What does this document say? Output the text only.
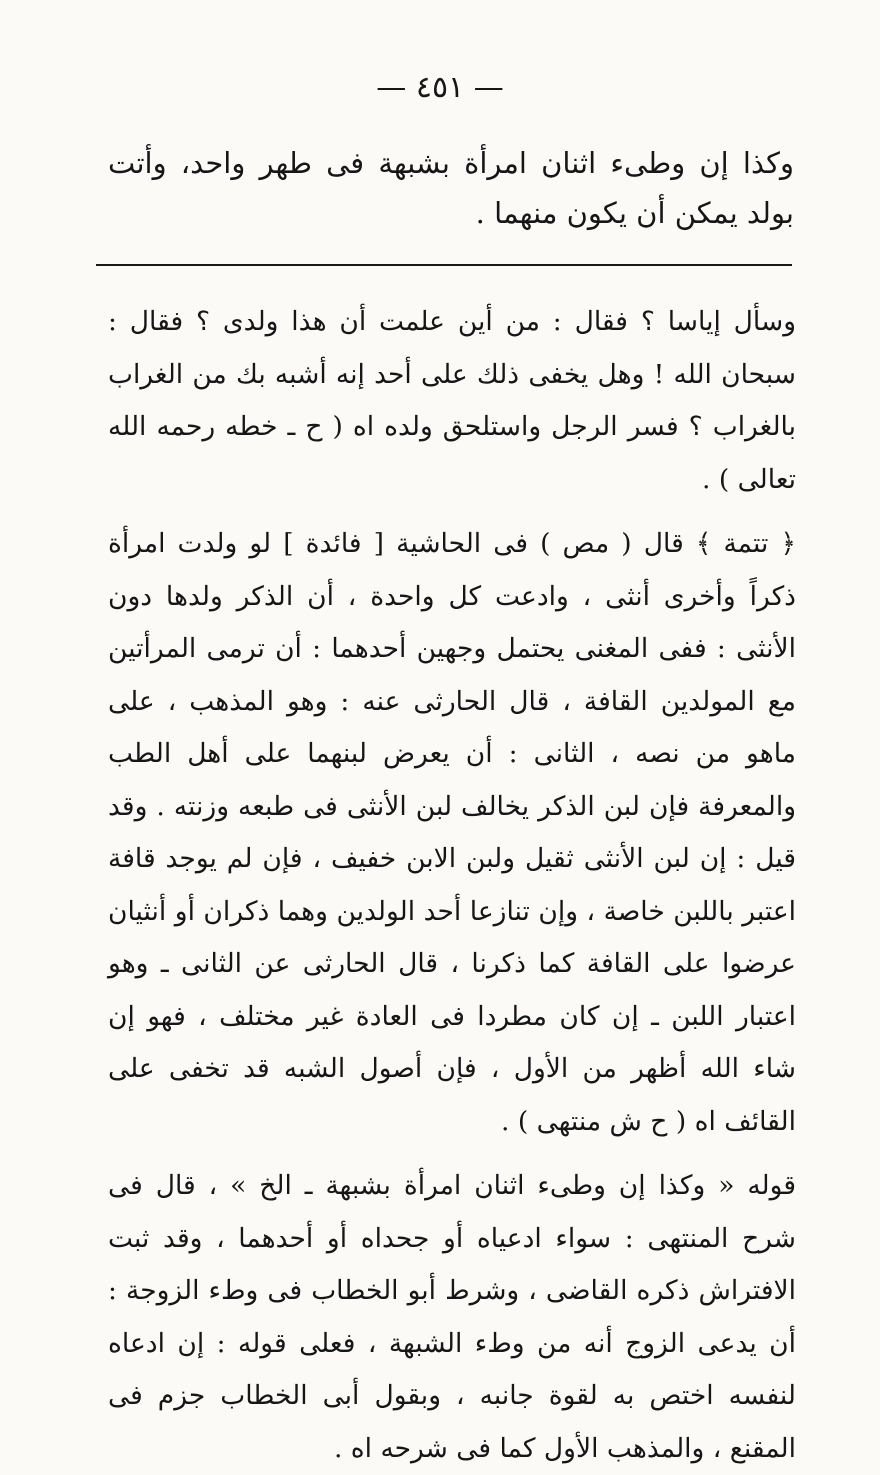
— ٤٥١ —

وكذا إن وطىء اثنان امرأة بشبهة فى طهر واحد، وأتت بولد يمكن أن يكون منهما .

وسأل إياسا ؟ فقال : من أين علمت أن هذا ولدى ؟ فقال : سبحان الله ! وهل يخفى ذلك على أحد إنه أشبه بك من الغراب بالغراب ؟ فسر الرجل واستلحق ولده اه ( ح ـ خطه رحمه الله تعالى ) .

﴿ تتمة ﴾ قال ( مص ) فى الحاشية [ فائدة ] لو ولدت امرأة ذكراً وأخرى أنثى ، وادعت كل واحدة ، أن الذكر ولدها دون الأنثى : ففى المغنى يحتمل وجهين أحدهما : أن ترمى المرأتين مع المولدين القافة ، قال الحارثى عنه : وهو المذهب ، على ماهو من نصه ، الثانى : أن يعرض لبنهما على أهل الطب والمعرفة فإن لبن الذكر يخالف لبن الأنثى فى طبعه وزنته . وقد قيل : إن لبن الأنثى ثقيل ولبن الابن خفيف ، فإن لم يوجد قافة اعتبر باللبن خاصة ، وإن تنازعا أحد الولدين وهما ذكران أو أنثيان عرضوا على القافة كما ذكرنا ، قال الحارثى عن الثانى ـ وهو اعتبار اللبن ـ إن كان مطردا فى العادة غير مختلف ، فهو إن شاء الله أظهر من الأول ، فإن أصول الشبه قد تخفى على القائف اه ( ح ش منتهى ) .

قوله « وكذا إن وطىء اثنان امرأة بشبهة ـ الخ » ، قال فى شرح المنتهى : سواء ادعياه أو جحداه أو أحدهما ، وقد ثبت الافتراش ذكره القاضى ، وشرط أبو الخطاب فى وطء الزوجة : أن يدعى الزوج أنه من وطء الشبهة ، فعلى قوله : إن ادعاه لنفسه اختص به لقوة جانبه ، وبقول أبى الخطاب جزم فى المقنع ، والمذهب الأول كما فى شرحه اه .
